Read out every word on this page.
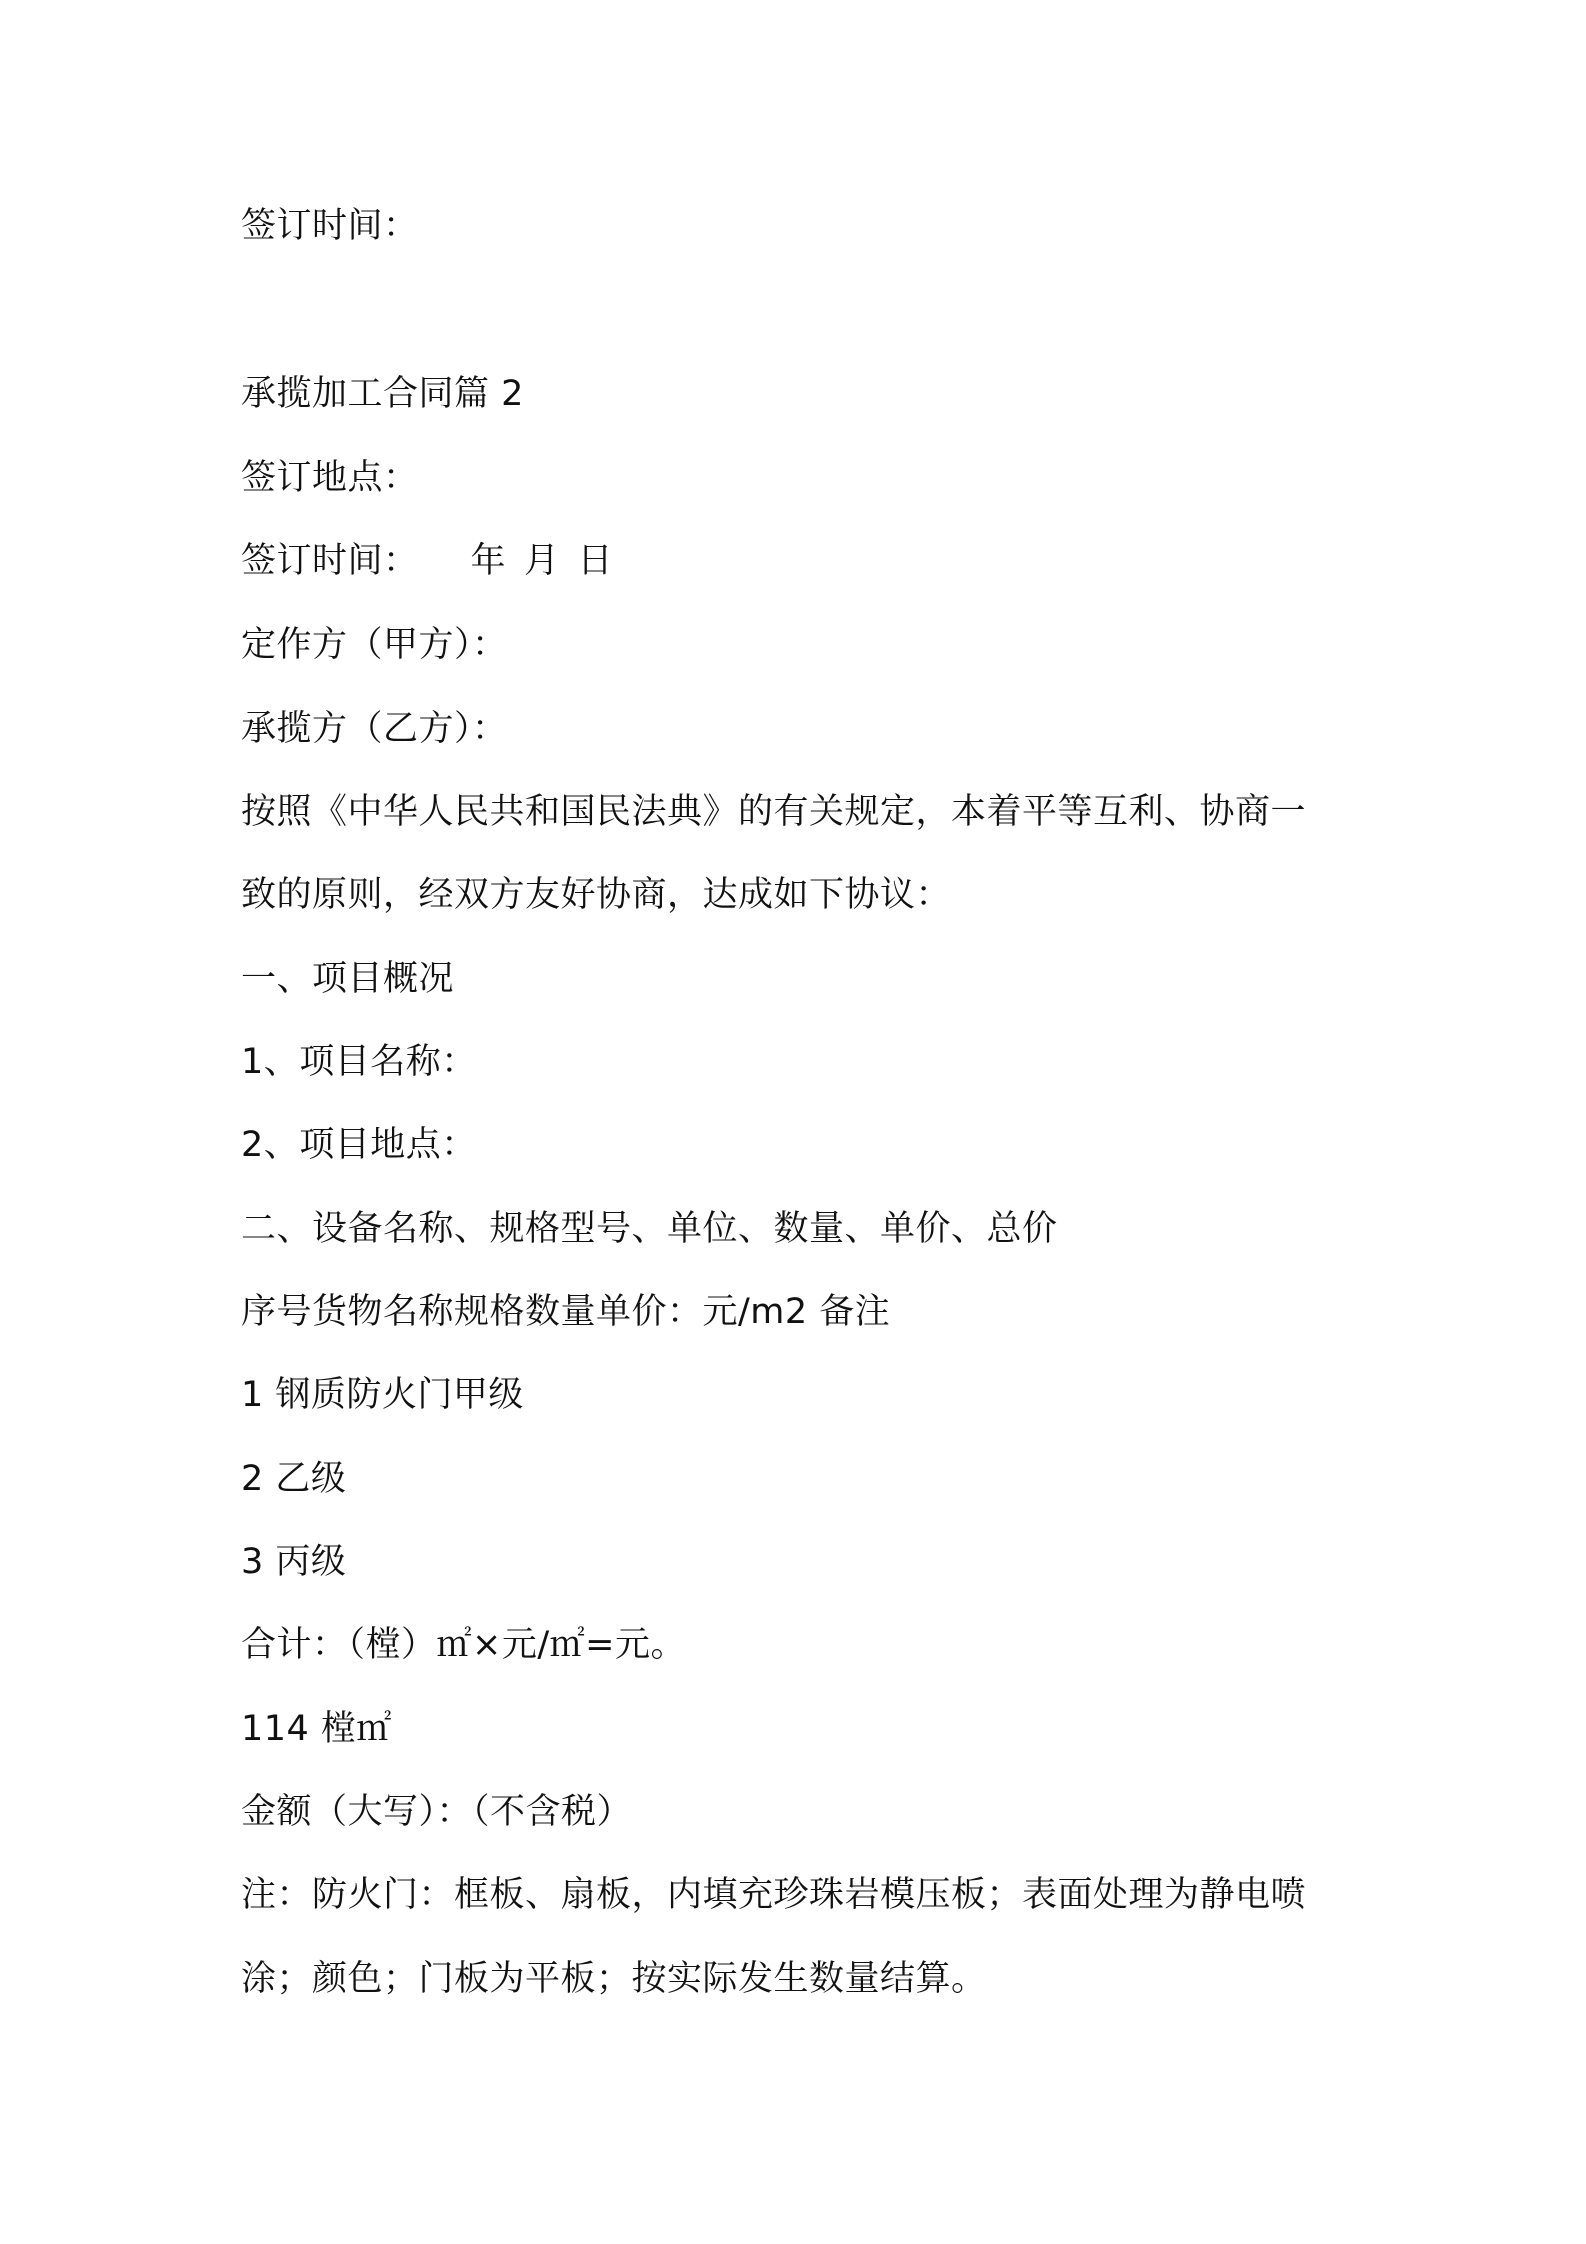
签订时间：
承揽加工合同篇 2
签订地点：
签订时间： 年 月 日
定作方（甲方）：
承揽方（乙方）：
按照《中华人民共和国民法典》的有关规定，本着平等互利、协商一
致的原则，经双方友好协商，达成如下协议：
一、项目概况
1、项目名称：
2、项目地点：
二、设备名称、规格型号、单位、数量、单价、总价
序号货物名称规格数量单价：元/m2 备注
1 钢质防火门甲级
2 乙级
3 丙级
合计：（樘）㎡×元/㎡=元。
114 樘㎡
金额（大写）：（不含税）
注：防火门：框板、扇板，内填充珍珠岩模压板；表面处理为静电喷
涂；颜色；门板为平板；按实际发生数量结算。
